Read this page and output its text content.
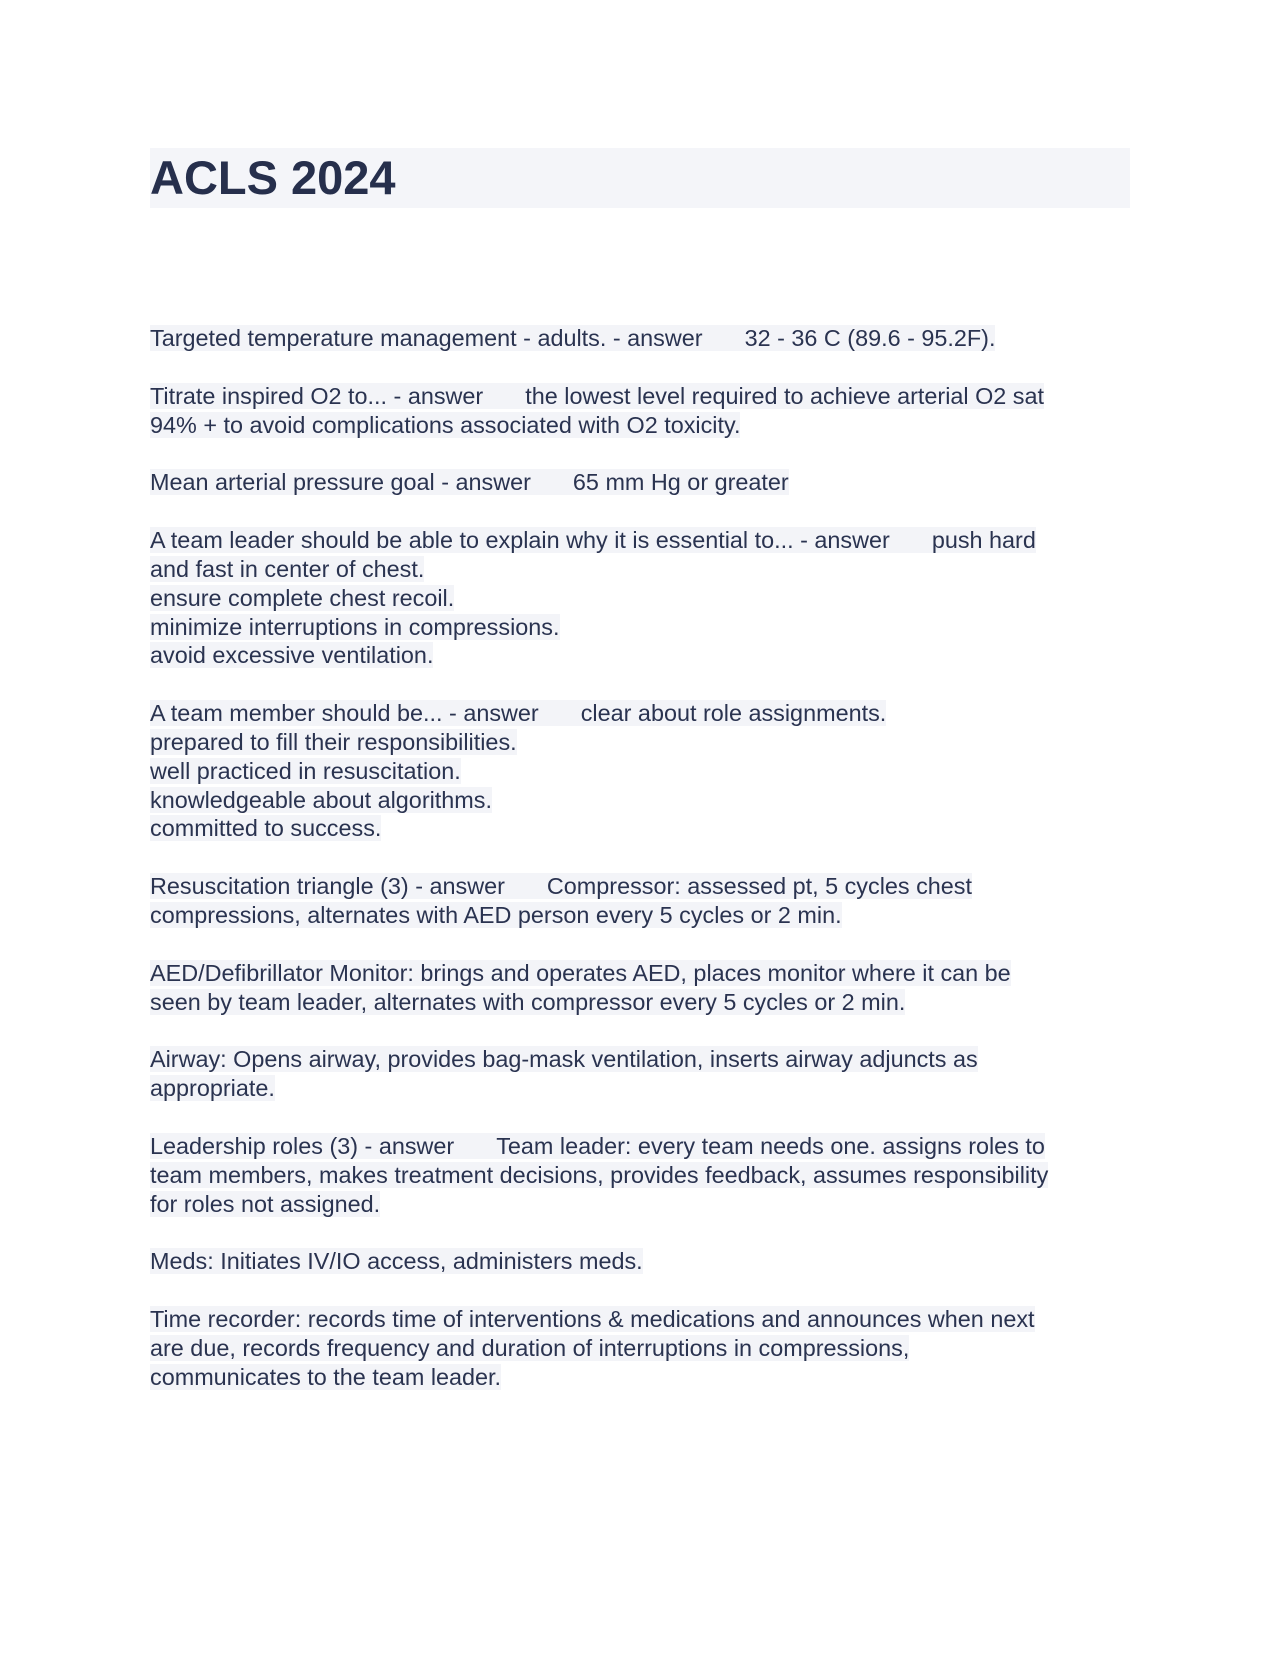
ACLS 2024
Targeted temperature management - adults. - answer 32 - 36 C (89.6 - 95.2F).
Titrate inspired O2 to... - answer the lowest level required to achieve arterial O2 sat
94% + to avoid complications associated with O2 toxicity.
Mean arterial pressure goal - answer 65 mm Hg or greater
A team leader should be able to explain why it is essential to... - answer push hard
and fast in center of chest.
ensure complete chest recoil.
minimize interruptions in compressions.
avoid excessive ventilation.
A team member should be... - answer clear about role assignments.
prepared to fill their responsibilities.
well practiced in resuscitation.
knowledgeable about algorithms.
committed to success.
Resuscitation triangle (3) - answer Compressor: assessed pt, 5 cycles chest
compressions, alternates with AED person every 5 cycles or 2 min.
AED/Defibrillator Monitor: brings and operates AED, places monitor where it can be
seen by team leader, alternates with compressor every 5 cycles or 2 min.
Airway: Opens airway, provides bag-mask ventilation, inserts airway adjuncts as
appropriate.
Leadership roles (3) - answer Team leader: every team needs one. assigns roles to
team members, makes treatment decisions, provides feedback, assumes responsibility
for roles not assigned.
Meds: Initiates IV/IO access, administers meds.
Time recorder: records time of interventions & medications and announces when next
are due, records frequency and duration of interruptions in compressions,
communicates to the team leader.
